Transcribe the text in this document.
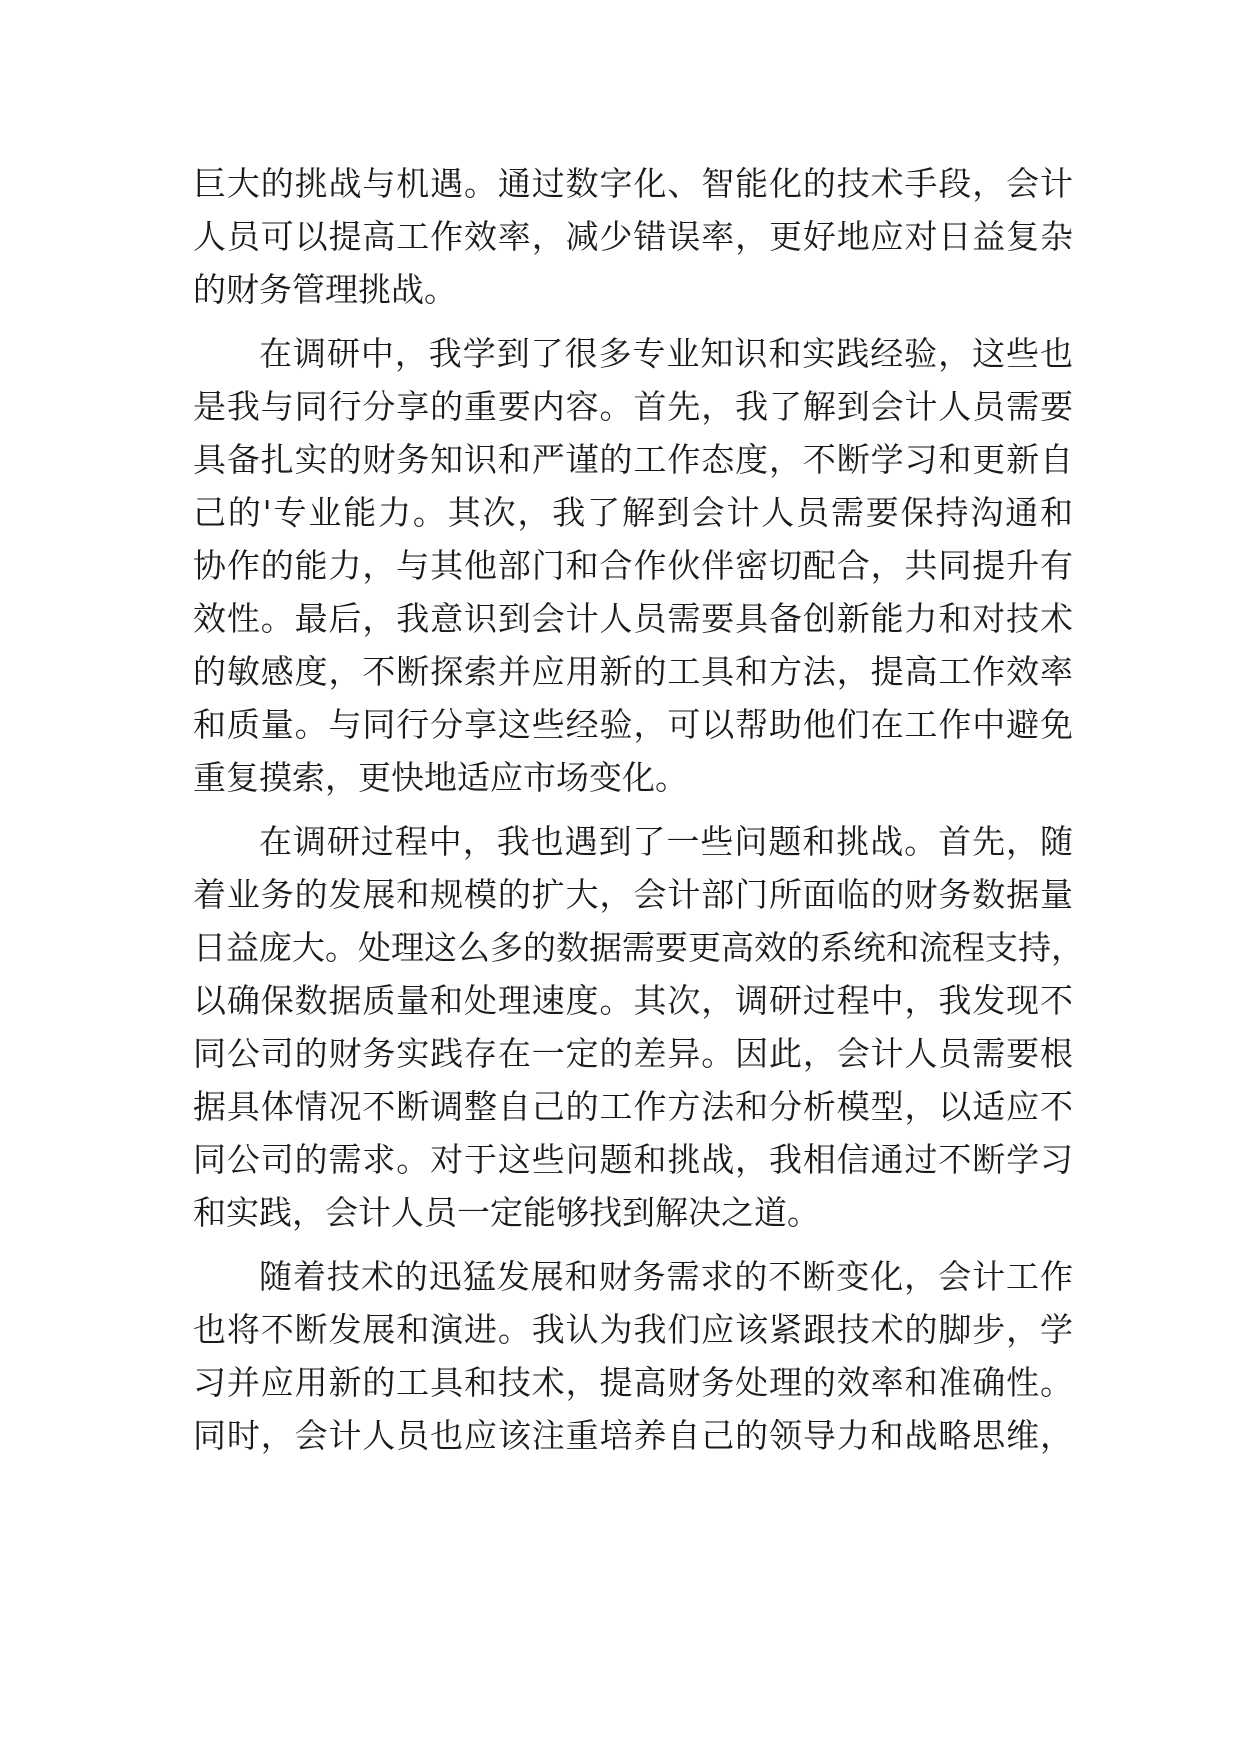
巨大的挑战与机遇。通过数字化、智能化的技术手段，会计
人员可以提高工作效率，减少错误率，更好地应对日益复杂
的财务管理挑战。
在调研中，我学到了很多专业知识和实践经验，这些也
是我与同行分享的重要内容。首先，我了解到会计人员需要
具备扎实的财务知识和严谨的工作态度，不断学习和更新自
己的'专业能力。其次，我了解到会计人员需要保持沟通和
协作的能力，与其他部门和合作伙伴密切配合，共同提升有
效性。最后，我意识到会计人员需要具备创新能力和对技术
的敏感度，不断探索并应用新的工具和方法，提高工作效率
和质量。与同行分享这些经验，可以帮助他们在工作中避免
重复摸索，更快地适应市场变化。
在调研过程中，我也遇到了一些问题和挑战。首先，随
着业务的发展和规模的扩大，会计部门所面临的财务数据量
日益庞大。处理这么多的数据需要更高效的系统和流程支持，
以确保数据质量和处理速度。其次，调研过程中，我发现不
同公司的财务实践存在一定的差异。因此，会计人员需要根
据具体情况不断调整自己的工作方法和分析模型，以适应不
同公司的需求。对于这些问题和挑战，我相信通过不断学习
和实践，会计人员一定能够找到解决之道。
随着技术的迅猛发展和财务需求的不断变化，会计工作
也将不断发展和演进。我认为我们应该紧跟技术的脚步，学
习并应用新的工具和技术，提高财务处理的效率和准确性。
同时，会计人员也应该注重培养自己的领导力和战略思维，
